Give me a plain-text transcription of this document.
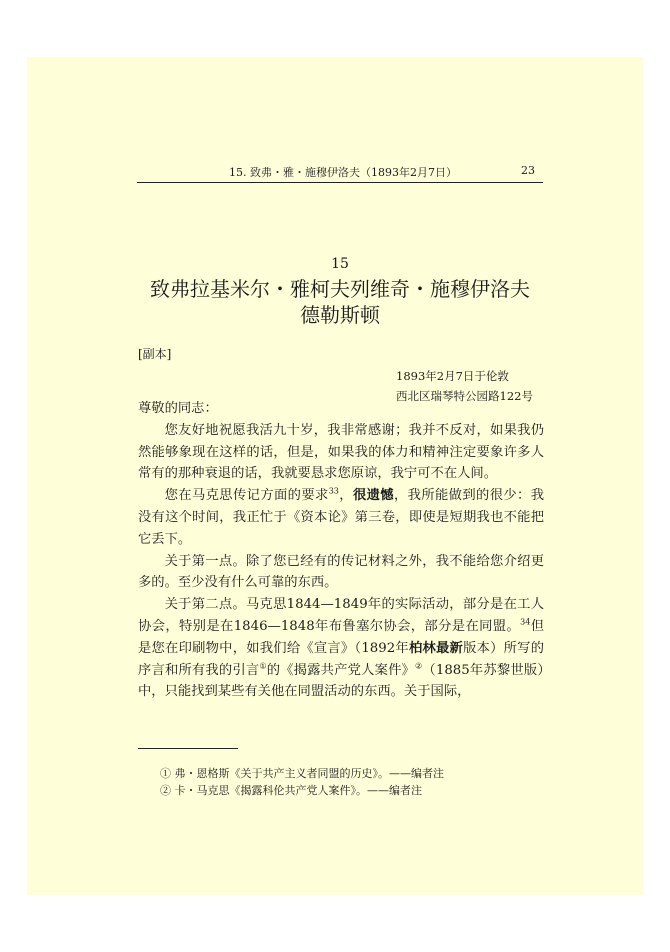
15. 致弗・雅・施穆伊洛夫（1893年2月7日）	23
15
致弗拉基米尔・雅柯夫列维奇・施穆伊洛夫
德勒斯顿
[副本]
1893年2月7日于伦敦
西北区瑞琴特公园路122号

尊敬的同志：

您友好地祝愿我活九十岁，我非常感谢；我并不反对，如果我仍然能够象现在这样的话，但是，如果我的体力和精神注定要象许多人常有的那种衰退的话，我就要恳求您原谅，我宁可不在人间。

您在马克思传记方面的要求$^{33}$，很遗憾，我所能做到的很少：我没有这个时间，我正忙于《资本论》第三卷，即使是短期我也不能把它丢下。

关于第一点。除了您已经有的传记材料之外，我不能给您介绍更多的。至少没有什么可靠的东西。

关于第二点。马克思1844—1849年的实际活动，部分是在工人协会，特别是在1846—1848年布鲁塞尔协会，部分是在同盟。$^{34}$但是您在印刷物中，如我们给《宣言》（1892年柏林最新版本）所写的序言和所有我的引言①的《揭露共产党人案件》②（1885年苏黎世版）中，只能找到某些有关他在同盟活动的东西。关于国际，

① 弗・恩格斯《关于共产主义者同盟的历史》。——编者注
② 卡・马克思《揭露科伦共产党人案件》。——编者注
